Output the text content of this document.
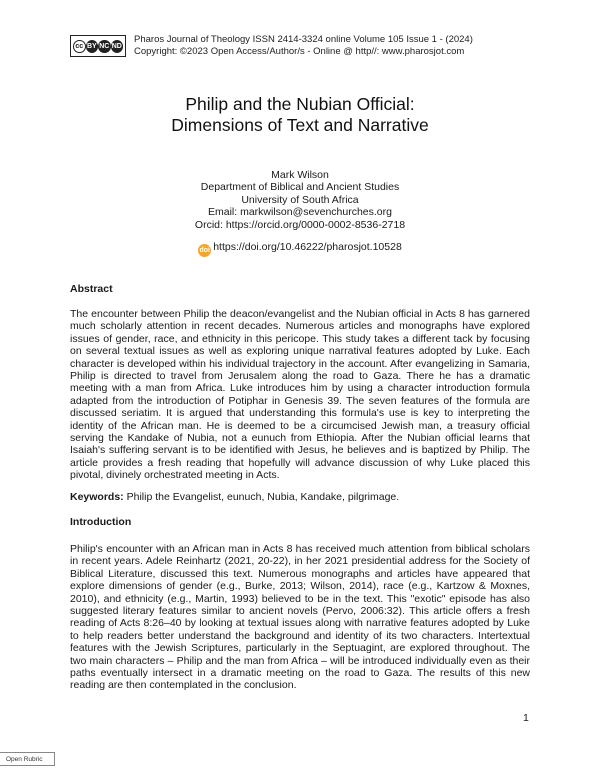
cc BY NC ND
Pharos Journal of Theology ISSN 2414-3324 online Volume 105 Issue 1 - (2024)
Copyright: ©2023 Open Access/Author/s - Online @ http//: www.pharosjot.com
Philip and the Nubian Official:
Dimensions of Text and Narrative
Mark Wilson
Department of Biblical and Ancient Studies
University of South Africa
Email: markwilson@sevenchurches.org
Orcid: https://orcid.org/0000-0002-8536-2718
doi https://doi.org/10.46222/pharosjot.10528
Abstract
The encounter between Philip the deacon/evangelist and the Nubian official in Acts 8 has garnered much scholarly attention in recent decades. Numerous articles and monographs have explored issues of gender, race, and ethnicity in this pericope. This study takes a different tack by focusing on several textual issues as well as exploring unique narratival features adopted by Luke. Each character is developed within his individual trajectory in the account. After evangelizing in Samaria, Philip is directed to travel from Jerusalem along the road to Gaza. There he has a dramatic meeting with a man from Africa. Luke introduces him by using a character introduction formula adapted from the introduction of Potiphar in Genesis 39. The seven features of the formula are discussed seriatim. It is argued that understanding this formula's use is key to interpreting the identity of the African man. He is deemed to be a circumcised Jewish man, a treasury official serving the Kandake of Nubia, not a eunuch from Ethiopia. After the Nubian official learns that Isaiah's suffering servant is to be identified with Jesus, he believes and is baptized by Philip. The article provides a fresh reading that hopefully will advance discussion of why Luke placed this pivotal, divinely orchestrated meeting in Acts.
Keywords: Philip the Evangelist, eunuch, Nubia, Kandake, pilgrimage.
Introduction
Philip's encounter with an African man in Acts 8 has received much attention from biblical scholars in recent years. Adele Reinhartz (2021, 20-22), in her 2021 presidential address for the Society of Biblical Literature, discussed this text. Numerous monographs and articles have appeared that explore dimensions of gender (e.g., Burke, 2013; Wilson, 2014), race (e.g., Kartzow & Moxnes, 2010), and ethnicity (e.g., Martin, 1993) believed to be in the text. This "exotic" episode has also suggested literary features similar to ancient novels (Pervo, 2006:32). This article offers a fresh reading of Acts 8:26–40 by looking at textual issues along with narrative features adopted by Luke to help readers better understand the background and identity of its two characters. Intertextual features with the Jewish Scriptures, particularly in the Septuagint, are explored throughout. The two main characters – Philip and the man from Africa – will be introduced individually even as their paths eventually intersect in a dramatic meeting on the road to Gaza. The results of this new reading are then contemplated in the conclusion.
1
Open Rubric
